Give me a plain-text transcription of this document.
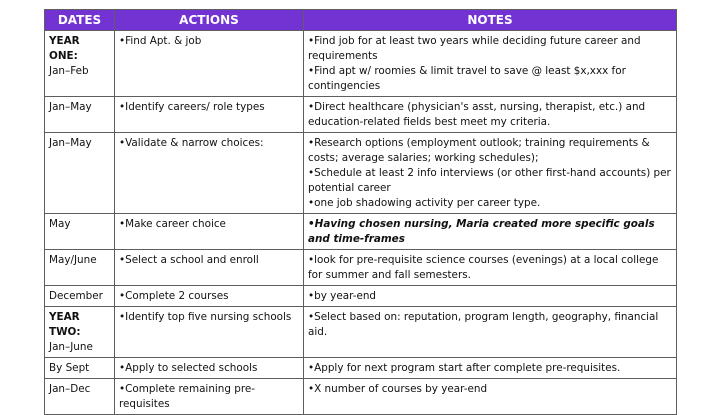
DATES	ACTIONS	NOTES

YEAR ONE:
Jan–Feb	•Find Apt. & job	•Find job for at least two years while deciding future career and requirements
•Find apt w/ roomies & limit travel to save @ least $x,xxx for contingencies

Jan–May	•Identify careers/ role types	•Direct healthcare (physician's asst, nursing, therapist, etc.) and education-related fields best meet my criteria.

Jan–May	•Validate & narrow choices:	•Research options (employment outlook; training requirements & costs; average salaries; working schedules);
•Schedule at least 2 info interviews (or other first-hand accounts) per potential career
•one job shadowing activity per career type.

May	•Make career choice	•Having chosen nursing, Maria created more specific goals and time-frames

May/June	•Select a school and enroll	•look for pre-requisite science courses (evenings) at a local college for summer and fall semesters.

December	•Complete 2 courses	•by year-end

YEAR TWO:
Jan–June	•Identify top five nursing schools	•Select based on: reputation, program length, geography, financial aid.

By Sept	•Apply to selected schools	•Apply for next program start after complete pre-requisites.

Jan–Dec	•Complete remaining pre-requisites	•X number of courses by year-end
